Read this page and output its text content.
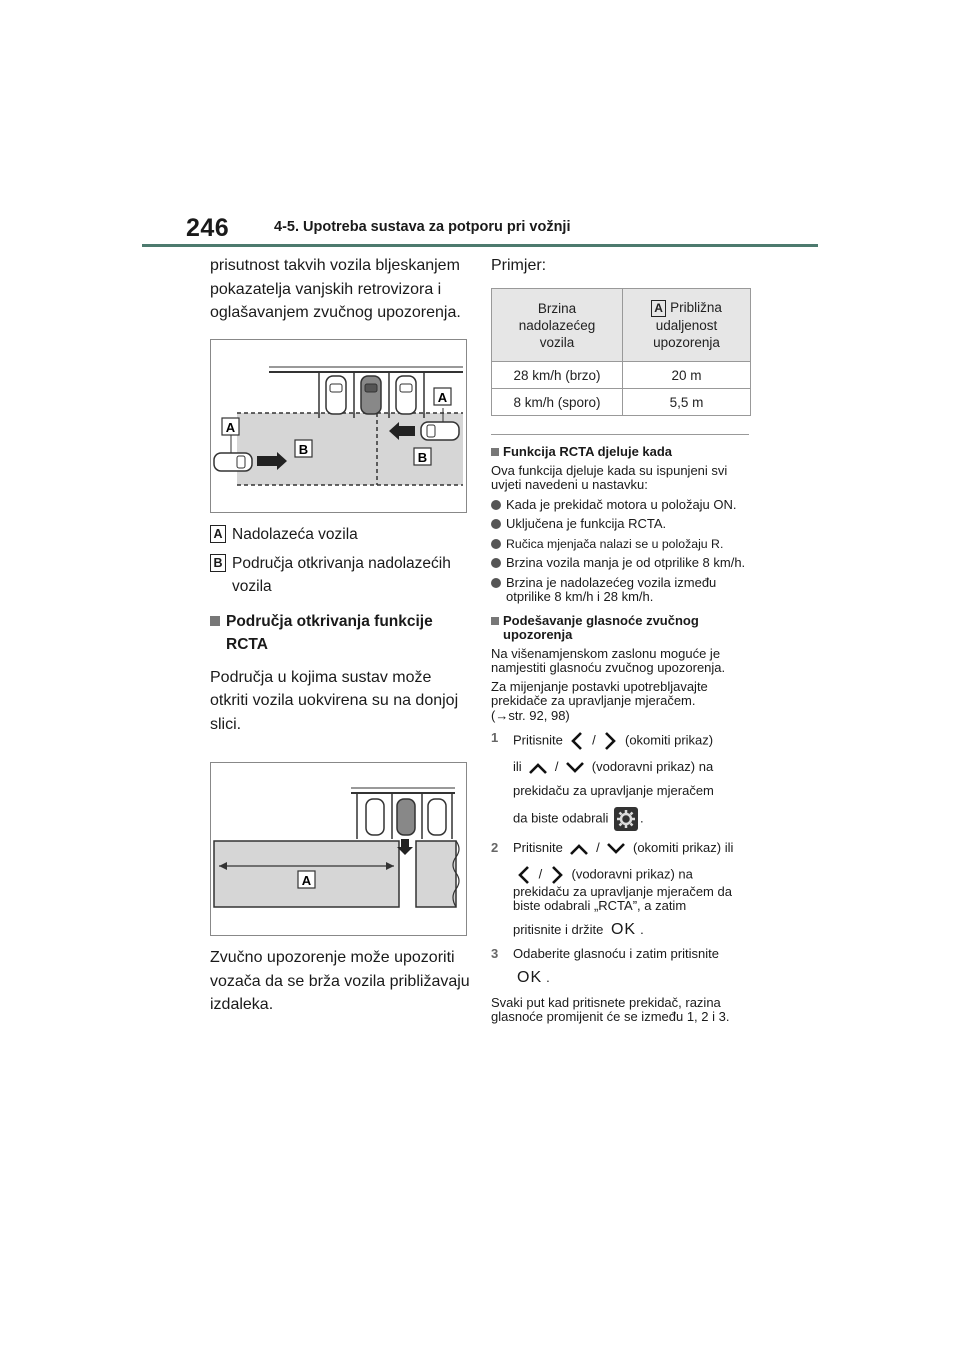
246	4-5. Upotreba sustava za potporu pri vožnji

prisutnost takvih vozila bljeskanjem pokazatelja vanjskih retrovizora i oglašavanjem zvučnog upozorenja.

A
A
B
B
A Nadolazeća vozila
B Područja otkrivanja nadolazećih vozila
Područja otkrivanja funkcije RCTA

Područja u kojima sustav može otkriti vozila uokvirena su na donjoj slici.

A

Zvučno upozorenje može upozoriti vozača da se brža vozila približavaju izdaleka.

Primjer:
Brzina nadolazećeg vozila	A Približna
udaljenost
upozorenja
28 km/h (brzo)	20 m
8 km/h (sporo)	5,5 m
Funkcija RCTA djeluje kada

Ova funkcija djeluje kada su ispunjeni svi uvjeti navedeni u nastavku:

Kada je prekidač motora u položaju ON.
Uključena je funkcija RCTA.
Ručica mjenjača nalazi se u položaju R.
Brzina vozila manja je od otprilike 8 km/h.
Brzina je nadolazećeg vozila između otprilike 8 km/h i 28 km/h.
Podešavanje glasnoće zvučnog upozorenja

Na višenamjenskom zaslonu moguće je namjestiti glasnoću zvučnog upozorenja.

Za mijenjanje postavki upotrebljavajte prekidače za upravljanje mjeračem.

(→str. 92, 98)

1	Pritisnite / (okomiti prikaz)
ili	/	(vodoravni prikaz) na
prekidaču za upravljanje mjeračem
da biste odabrali .
2	Pritisnite	/	(okomiti prikaz) ili
/ (vodoravni prikaz) na
prekidaču za upravljanje mjeračem da biste odabrali „RCTA”, a zatim
pritisnite i držite OK .
3	Odaberite glasnoću i zatim pritisnite
OK .

Svaki put kad pritisnete prekidač, razina glasnoće promijenit će se između 1, 2 i 3.
